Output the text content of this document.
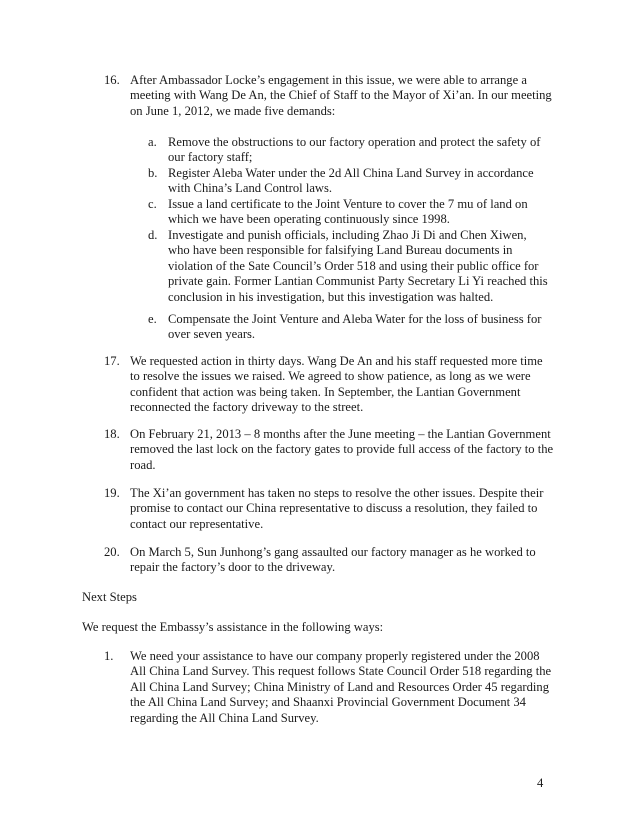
16. After Ambassador Locke’s engagement in this issue, we were able to arrange a meeting with Wang De An, the Chief of Staff to the Mayor of Xi’an. In our meeting on June 1, 2012, we made five demands:
a. Remove the obstructions to our factory operation and protect the safety of our factory staff;
b. Register Aleba Water under the 2d All China Land Survey in accordance with China’s Land Control laws.
c. Issue a land certificate to the Joint Venture to cover the 7 mu of land on which we have been operating continuously since 1998.
d. Investigate and punish officials, including Zhao Ji Di and Chen Xiwen, who have been responsible for falsifying Land Bureau documents in violation of the Sate Council’s Order 518 and using their public office for private gain. Former Lantian Communist Party Secretary Li Yi reached this conclusion in his investigation, but this investigation was halted.
e. Compensate the Joint Venture and Aleba Water for the loss of business for over seven years.
17. We requested action in thirty days. Wang De An and his staff requested more time to resolve the issues we raised. We agreed to show patience, as long as we were confident that action was being taken. In September, the Lantian Government reconnected the factory driveway to the street.
18. On February 21, 2013 – 8 months after the June meeting – the Lantian Government removed the last lock on the factory gates to provide full access of the factory to the road.
19. The Xi’an government has taken no steps to resolve the other issues. Despite their promise to contact our China representative to discuss a resolution, they failed to contact our representative.
20. On March 5, Sun Junhong’s gang assaulted our factory manager as he worked to repair the factory’s door to the driveway.
Next Steps
We request the Embassy’s assistance in the following ways:
1.	We need your assistance to have our company properly registered under the 2008 All China Land Survey. This request follows State Council Order 518 regarding the All China Land Survey; China Ministry of Land and Resources Order 45 regarding the All China Land Survey; and Shaanxi Provincial Government Document 34 regarding the All China Land Survey.
4
